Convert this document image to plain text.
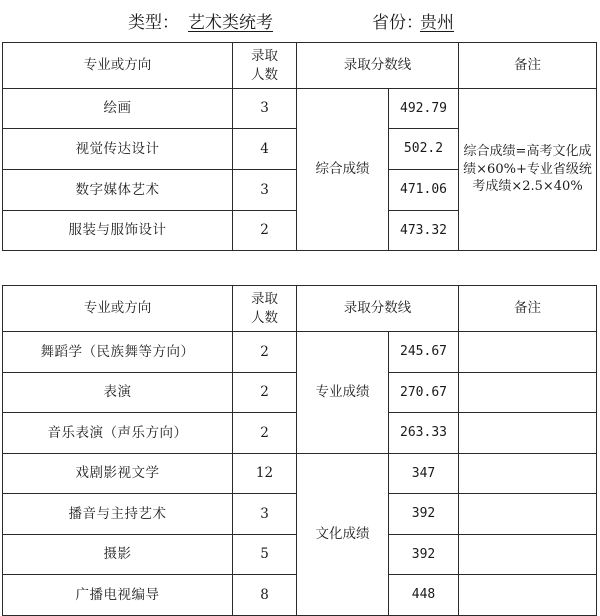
类型： 艺术类统考	省份：
贵州
专业或方向	录取人数	录取分数线		备注
绘画	3	综合成绩	492.79	综合成绩=高考文化成绩×60%+专业省级统考成绩×2.5×40%
视觉传达设计	4		502.2	
数字媒体艺术	3		471.06	
服装与服饰设计	2		473.32	
专业或方向	录取人数	录取分数线		备注
舞蹈学（民族舞等方向）	2	专业成绩	245.67	
表演	2		270.67	
音乐表演（声乐方向）	2		263.33	
戏剧影视文学	12	文化成绩	347	
播音与主持艺术	3		392	
摄影	5		392	
广播电视编导	8		448	
